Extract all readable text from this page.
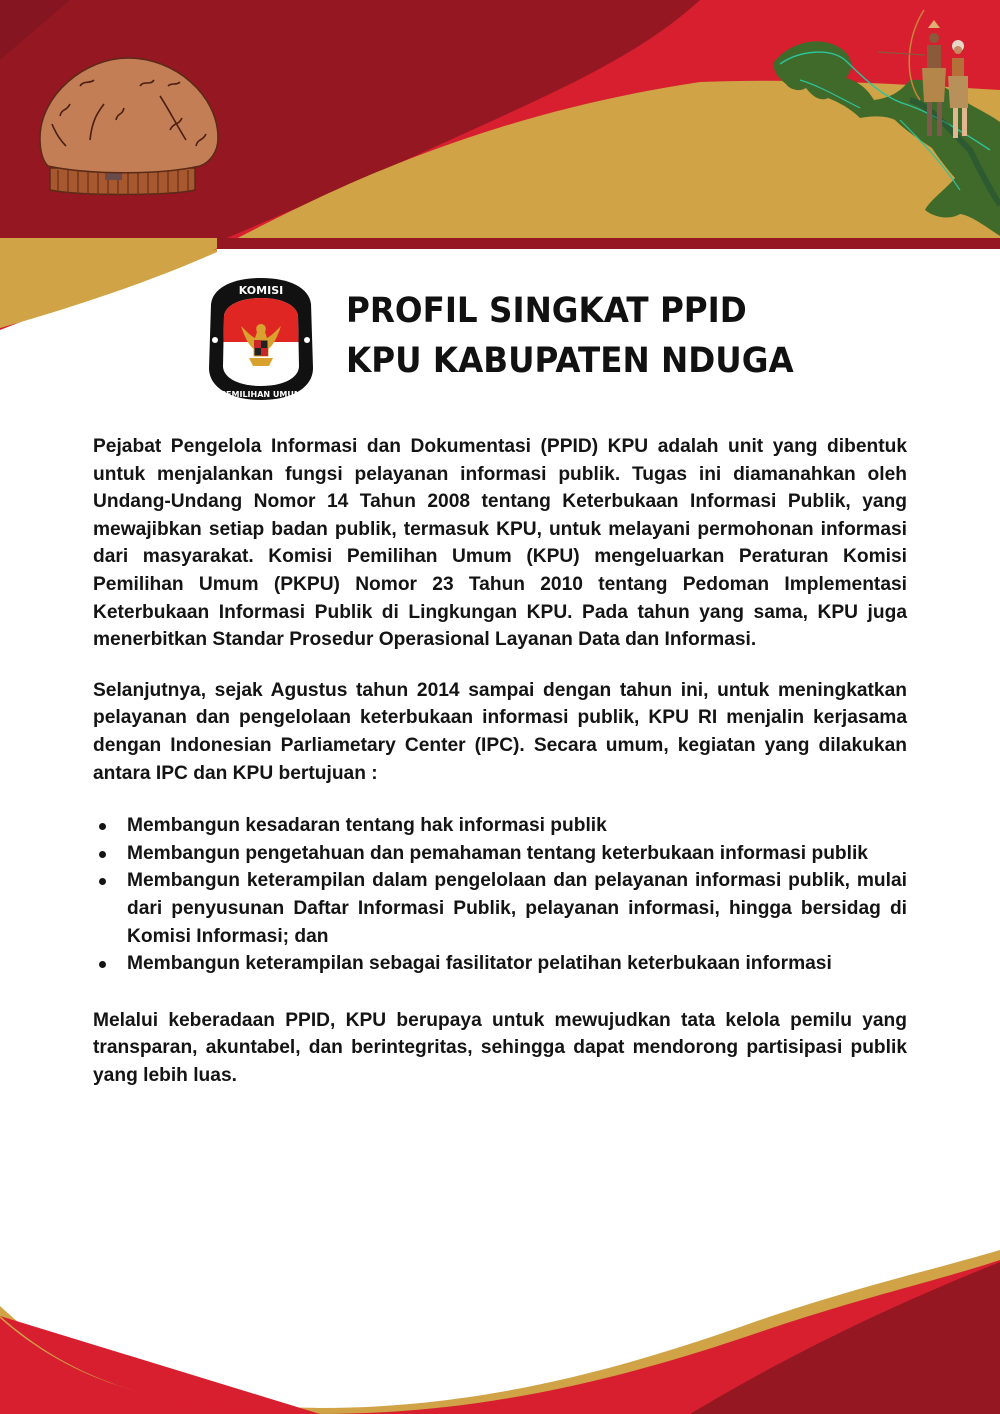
KOMISI
PEMILIHAN UMUM
PROFIL SINGKAT PPID
KPU KABUPATEN NDUGA

Pejabat Pengelola Informasi dan Dokumentasi (PPID) KPU adalah unit yang dibentuk untuk menjalankan fungsi pelayanan informasi publik. Tugas ini diamanahkan oleh Undang-Undang Nomor 14 Tahun 2008 tentang Keterbukaan Informasi Publik, yang mewajibkan setiap badan publik, termasuk KPU, untuk melayani permohonan informasi dari masyarakat. Komisi Pemilihan Umum (KPU) mengeluarkan Peraturan Komisi Pemilihan Umum (PKPU) Nomor 23 Tahun 2010 tentang Pedoman Implementasi Keterbukaan Informasi Publik di Lingkungan KPU. Pada tahun yang sama, KPU juga menerbitkan Standar Prosedur Operasional Layanan Data dan Informasi.

Selanjutnya, sejak Agustus tahun 2014 sampai dengan tahun ini, untuk meningkatkan pelayanan dan pengelolaan keterbukaan informasi publik, KPU RI menjalin kerjasama dengan Indonesian Parliametary Center (IPC). Secara umum, kegiatan yang dilakukan antara IPC dan KPU bertujuan :

Membangun kesadaran tentang hak informasi publik
Membangun pengetahuan dan pemahaman tentang keterbukaan informasi publik
Membangun keterampilan dalam pengelolaan dan pelayanan informasi publik, mulai dari penyusunan Daftar Informasi Publik, pelayanan informasi, hingga bersidag di Komisi Informasi; dan
Membangun keterampilan sebagai fasilitator pelatihan keterbukaan informasi

Melalui keberadaan PPID, KPU berupaya untuk mewujudkan tata kelola pemilu yang transparan, akuntabel, dan berintegritas, sehingga dapat mendorong partisipasi publik yang lebih luas.
